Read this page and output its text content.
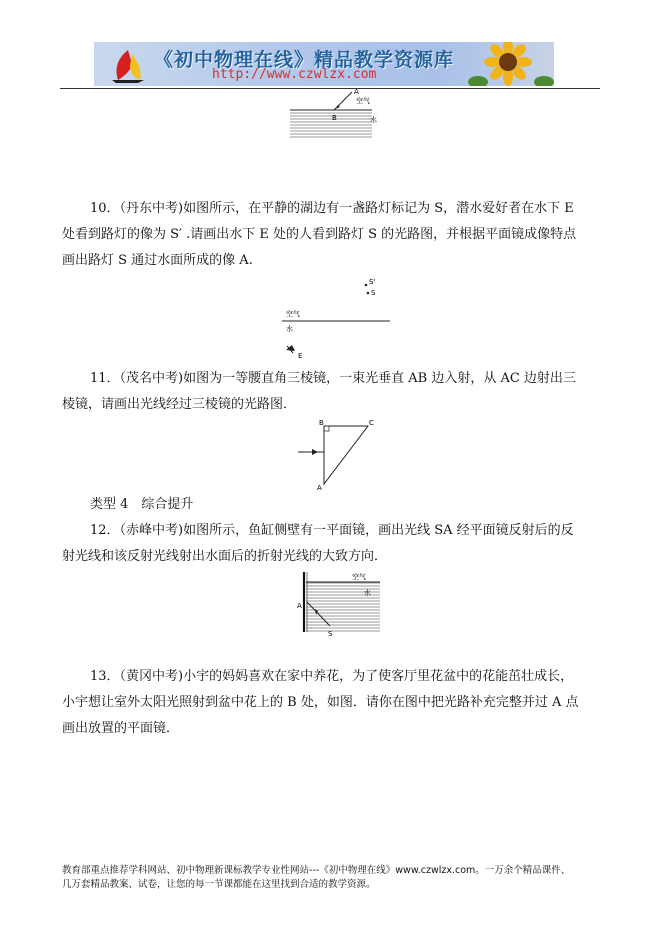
《初中物理在线》精品教学资源库
http://www.czwlzx.com
A
空气
B	水
10．（丹东中考)如图所示，在平静的湖边有一盏路灯标记为 S，潜水爱好者在水下 E
处看到路灯的像为 S′ .请画出水下 E 处的人看到路灯 S 的光路图，并根据平面镜成像特点
画出路灯 S 通过水面所成的像 A.
S'
S
空气
水
E
11．（茂名中考)如图为一等腰直角三棱镜，一束光垂直 AB 边入射，从 AC 边射出三
棱镜，请画出光线经过三棱镜的光路图．
B	C
A
类型 4　综合提升
12．（赤峰中考)如图所示，鱼缸侧壁有一平面镜，画出光线 SA 经平面镜反射后的反
射光线和该反射光线射出水面后的折射光线的大致方向．
空气
水
A
S
13．（黄冈中考)小宇的妈妈喜欢在家中养花，为了使客厅里花盆中的花能茁壮成长，
小宇想让室外太阳光照射到盆中花上的 B 处，如图．请你在图中把光路补充完整并过 A 点
画出放置的平面镜．
教育部重点推荐学科网站、初中物理新课标教学专业性网站---《初中物理在线》www.czwlzx.com。一万余个精品课件、
几万套精品教案、试卷，让您的每一节课都能在这里找到合适的教学资源。
